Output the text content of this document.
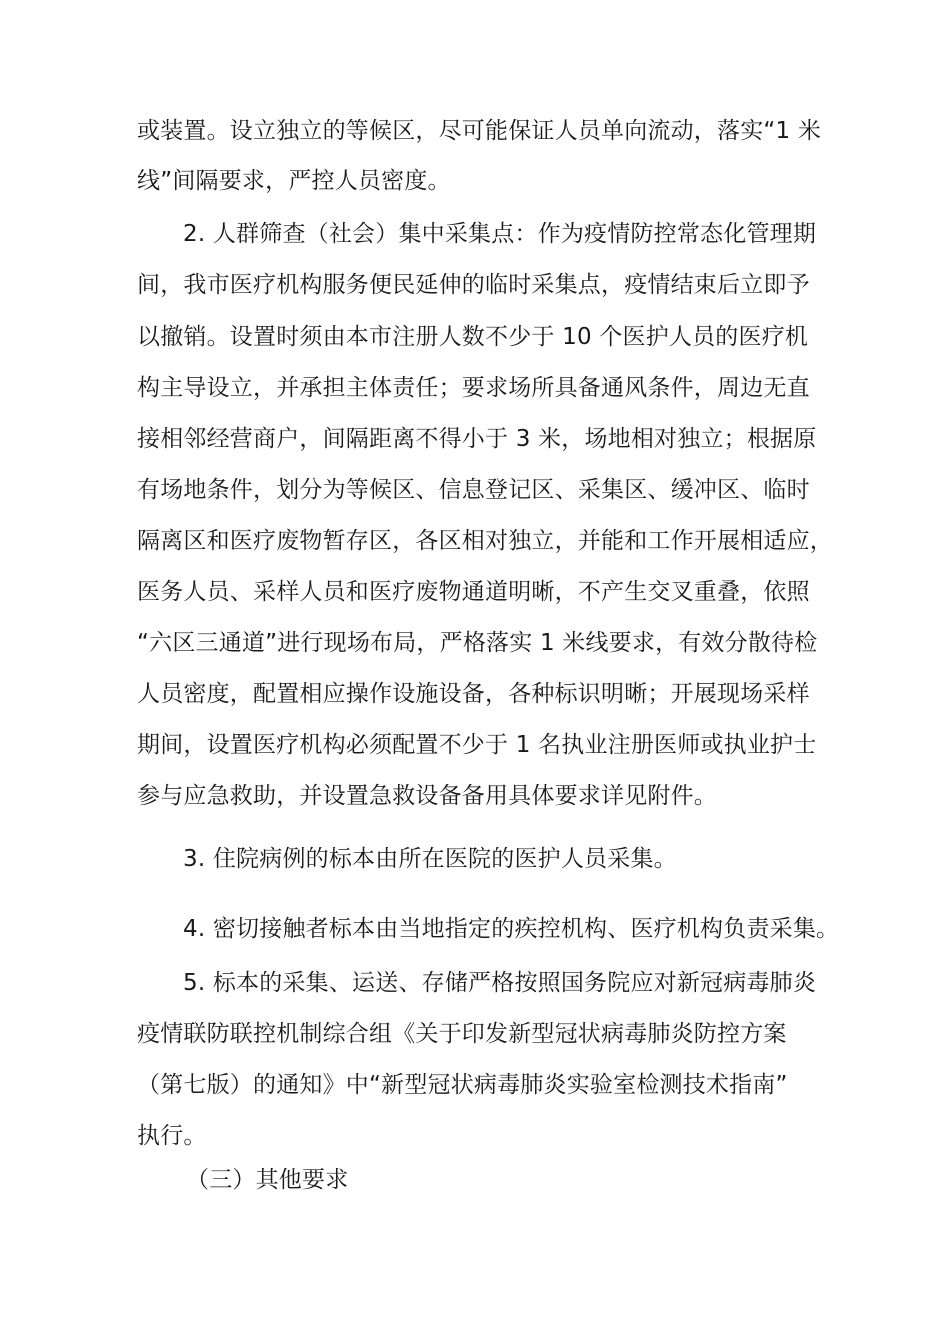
或装置。设立独立的等候区，尽可能保证人员单向流动，落实“1 米
线”间隔要求，严控人员密度。
2. 人群筛查（社会）集中采集点：作为疫情防控常态化管理期
间，我市医疗机构服务便民延伸的临时采集点，疫情结束后立即予
以撤销。设置时须由本市注册人数不少于 10 个医护人员的医疗机
构主导设立，并承担主体责任；要求场所具备通风条件，周边无直
接相邻经营商户，间隔距离不得小于 3 米，场地相对独立；根据原
有场地条件，划分为等候区、信息登记区、采集区、缓冲区、临时
隔离区和医疗废物暂存区，各区相对独立，并能和工作开展相适应，
医务人员、采样人员和医疗废物通道明晰，不产生交叉重叠，依照
“六区三通道”进行现场布局，严格落实 1 米线要求，有效分散待检
人员密度，配置相应操作设施设备，各种标识明晰；开展现场采样
期间，设置医疗机构必须配置不少于 1 名执业注册医师或执业护士
参与应急救助，并设置急救设备备用具体要求详见附件。
3. 住院病例的标本由所在医院的医护人员采集。
4. 密切接触者标本由当地指定的疾控机构、医疗机构负责采集。
5. 标本的采集、运送、存储严格按照国务院应对新冠病毒肺炎
疫情联防联控机制综合组《关于印发新型冠状病毒肺炎防控方案
（第七版）的通知》中“新型冠状病毒肺炎实验室检测技术指南”
执行。
（三）其他要求
